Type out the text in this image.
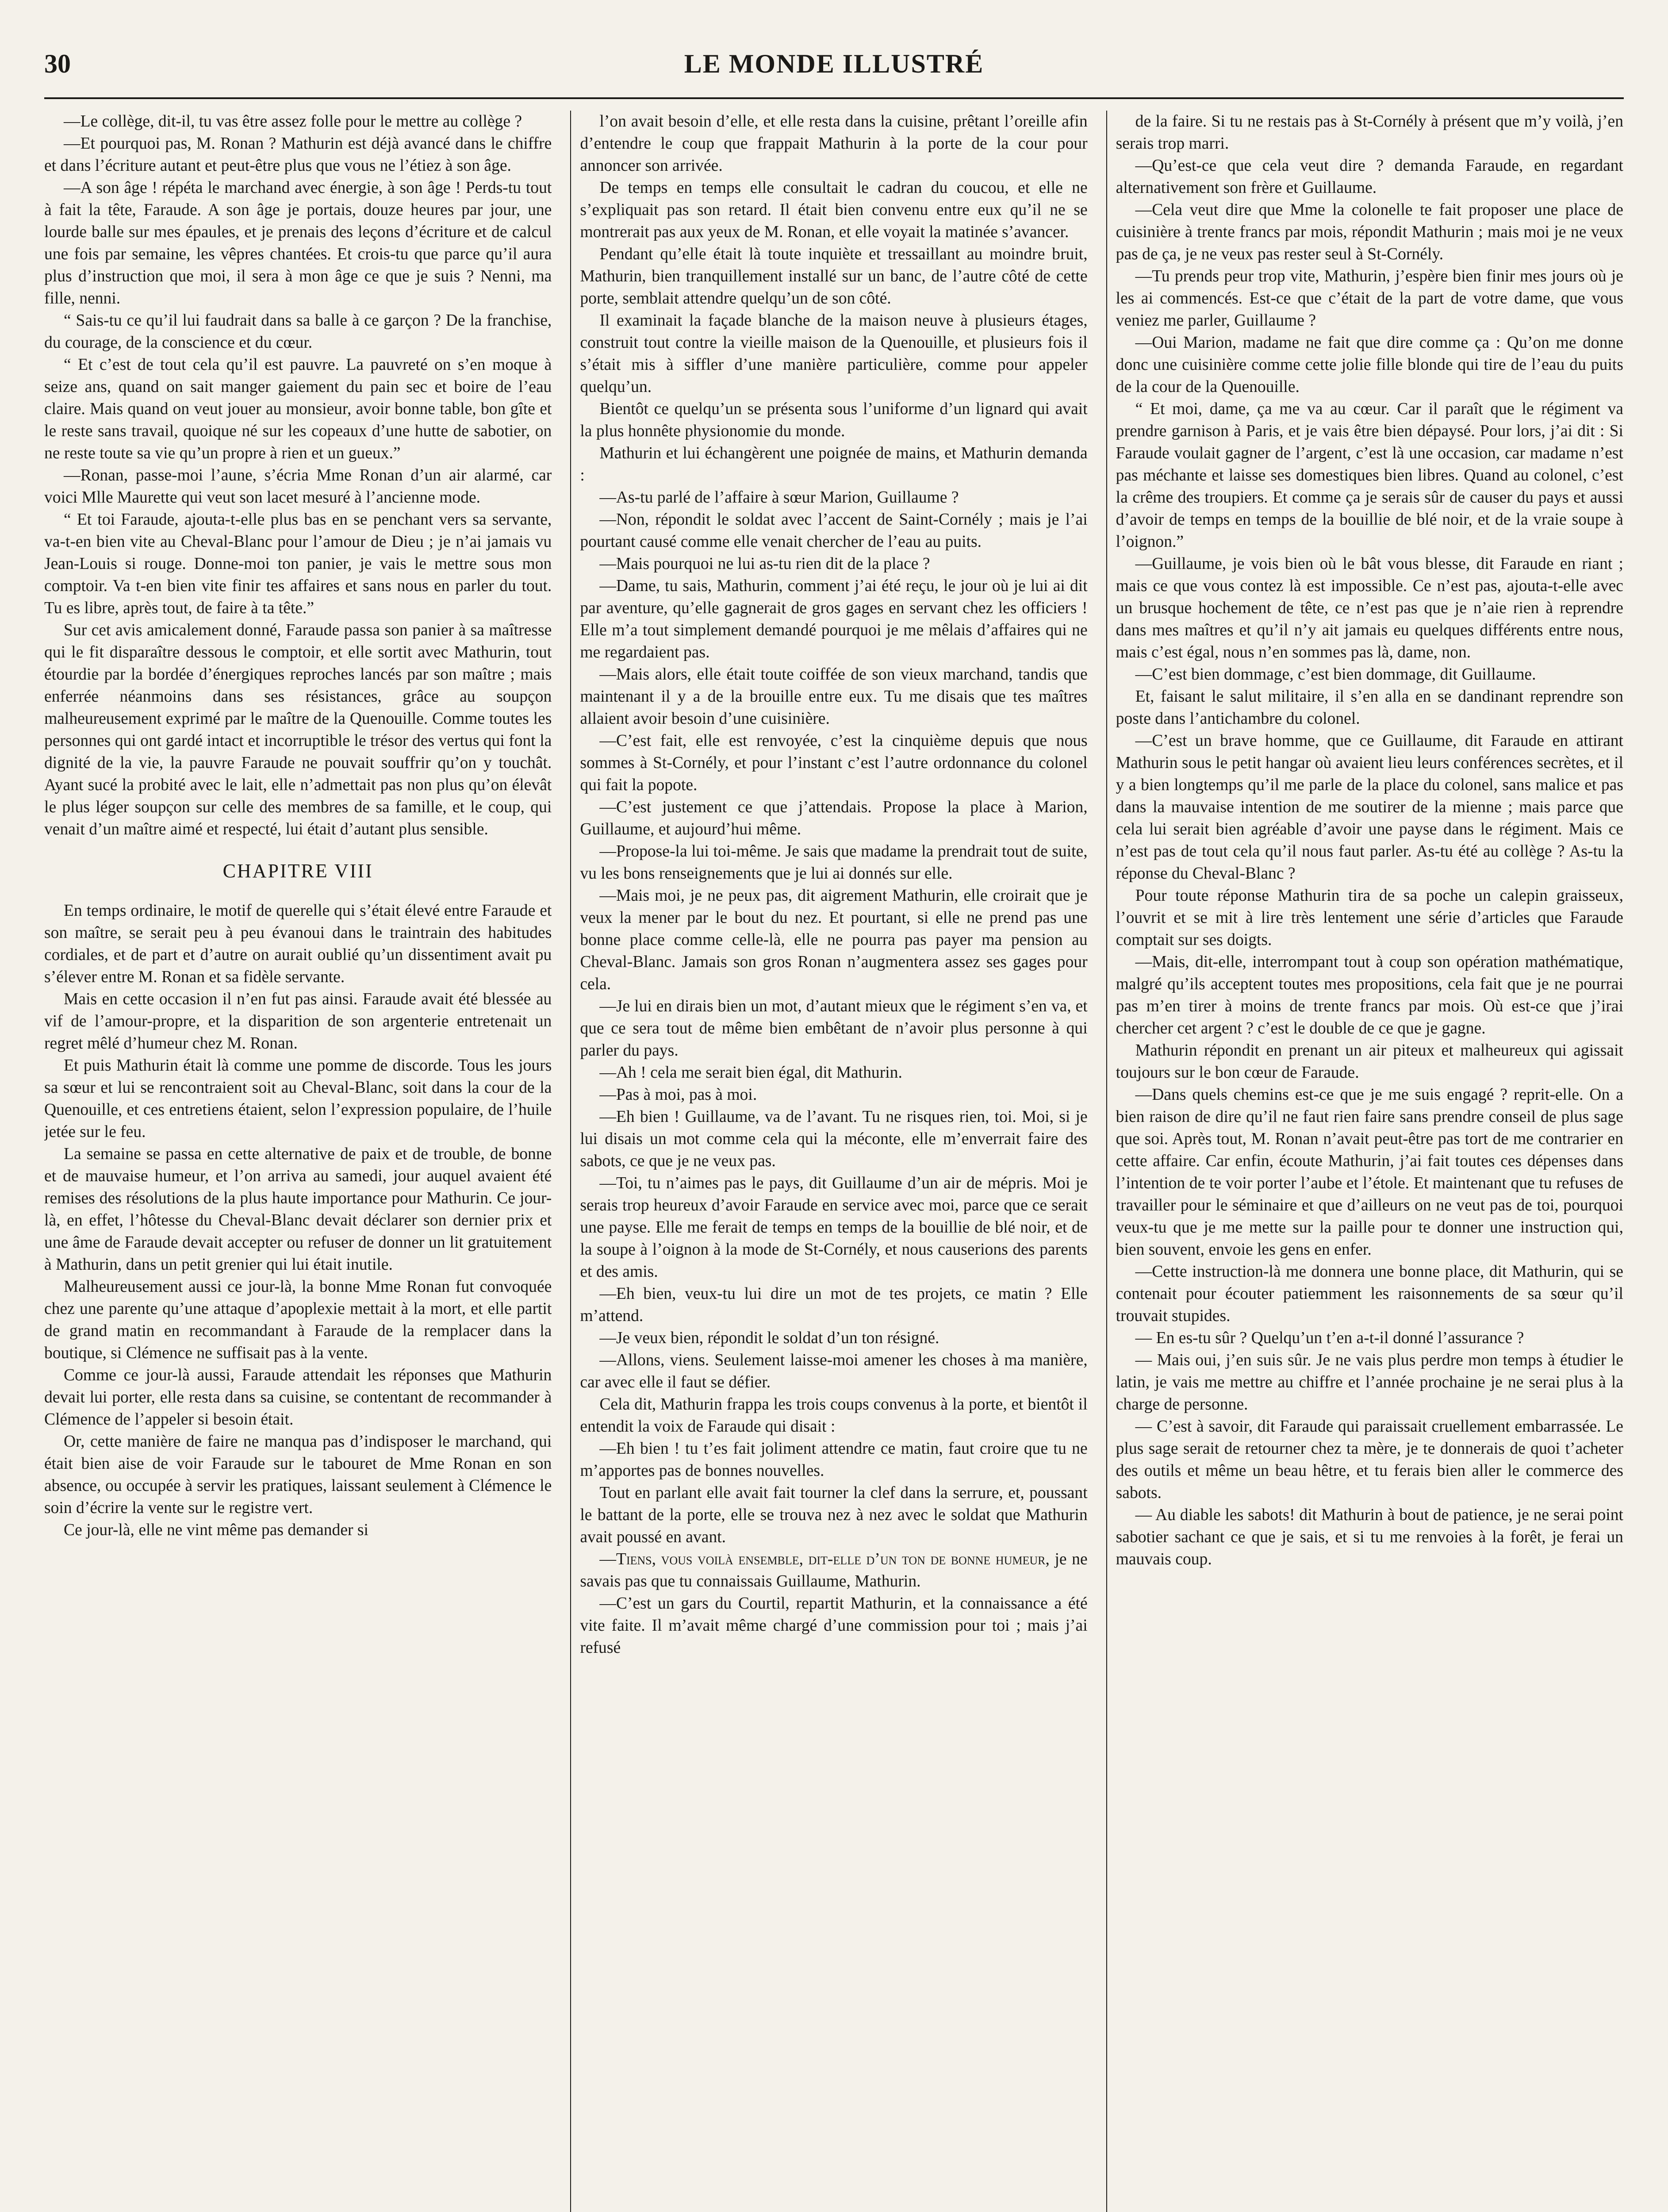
30	LE MONDE ILLUSTRÉ

—Le collège, dit-il, tu vas être assez folle pour le mettre au collège ?

—Et pourquoi pas, M. Ronan ? Mathurin est déjà avancé dans le chiffre et dans l’écriture autant et peut-être plus que vous ne l’étiez à son âge.

—A son âge ! répéta le marchand avec énergie, à son âge ! Perds-tu tout à fait la tête, Faraude. A son âge je portais, douze heures par jour, une lourde balle sur mes épaules, et je prenais des leçons d’écriture et de calcul une fois par semaine, les vêpres chantées. Et crois-tu que parce qu’il aura plus d’instruction que moi, il sera à mon âge ce que je suis ? Nenni, ma fille, nenni.

“ Sais-tu ce qu’il lui faudrait dans sa balle à ce garçon ? De la franchise, du courage, de la conscience et du cœur.

“ Et c’est de tout cela qu’il est pauvre. La pauvreté on s’en moque à seize ans, quand on sait manger gaiement du pain sec et boire de l’eau claire. Mais quand on veut jouer au monsieur, avoir bonne table, bon gîte et le reste sans travail, quoique né sur les copeaux d’une hutte de sabotier, on ne reste toute sa vie qu’un propre à rien et un gueux.”

—Ronan, passe-moi l’aune, s’écria Mme Ronan d’un air alarmé, car voici Mlle Maurette qui veut son lacet mesuré à l’ancienne mode.

“ Et toi Faraude, ajouta-t-elle plus bas en se penchant vers sa servante, va-t-en bien vite au Cheval-Blanc pour l’amour de Dieu ; je n’ai jamais vu Jean-Louis si rouge. Donne-moi ton panier, je vais le mettre sous mon comptoir. Va t-en bien vite finir tes affaires et sans nous en parler du tout. Tu es libre, après tout, de faire à ta tête.”

Sur cet avis amicalement donné, Faraude passa son panier à sa maîtresse qui le fit disparaître dessous le comptoir, et elle sortit avec Mathurin, tout étourdie par la bordée d’énergiques reproches lancés par son maître ; mais enferrée néanmoins dans ses résistances, grâce au soupçon malheureusement exprimé par le maître de la Quenouille. Comme toutes les personnes qui ont gardé intact et incorruptible le trésor des vertus qui font la dignité de la vie, la pauvre Faraude ne pouvait souffrir qu’on y touchât. Ayant sucé la probité avec le lait, elle n’admettait pas non plus qu’on élevât le plus léger soupçon sur celle des membres de sa famille, et le coup, qui venait d’un maître aimé et respecté, lui était d’autant plus sensible.

CHAPITRE VIII

En temps ordinaire, le motif de querelle qui s’était élevé entre Faraude et son maître, se serait peu à peu évanoui dans le traintrain des habitudes cordiales, et de part et d’autre on aurait oublié qu’un dissentiment avait pu s’élever entre M. Ronan et sa fidèle servante.

Mais en cette occasion il n’en fut pas ainsi. Faraude avait été blessée au vif de l’amour-propre, et la disparition de son argenterie entretenait un regret mêlé d’humeur chez M. Ronan.

Et puis Mathurin était là comme une pomme de discorde. Tous les jours sa sœur et lui se rencontraient soit au Cheval-Blanc, soit dans la cour de la Quenouille, et ces entretiens étaient, selon l’expression populaire, de l’huile jetée sur le feu.

La semaine se passa en cette alternative de paix et de trouble, de bonne et de mauvaise humeur, et l’on arriva au samedi, jour auquel avaient été remises des résolutions de la plus haute importance pour Mathurin. Ce jour-là, en effet, l’hôtesse du Cheval-Blanc devait déclarer son dernier prix et une âme de Faraude devait accepter ou refuser de donner un lit gratuitement à Mathurin, dans un petit grenier qui lui était inutile.

Malheureusement aussi ce jour-là, la bonne Mme Ronan fut convoquée chez une parente qu’une attaque d’apoplexie mettait à la mort, et elle partit de grand matin en recommandant à Faraude de la remplacer dans la boutique, si Clémence ne suffisait pas à la vente.

Comme ce jour-là aussi, Faraude attendait les réponses que Mathurin devait lui porter, elle resta dans sa cuisine, se contentant de recommander à Clémence de l’appeler si besoin était.

Or, cette manière de faire ne manqua pas d’indisposer le marchand, qui était bien aise de voir Faraude sur le tabouret de Mme Ronan en son absence, ou occupée à servir les pratiques, laissant seulement à Clémence le soin d’écrire la vente sur le registre vert.

Ce jour-là, elle ne vint même pas demander si

l’on avait besoin d’elle, et elle resta dans la cuisine, prêtant l’oreille afin d’entendre le coup que frappait Mathurin à la porte de la cour pour annoncer son arrivée.

De temps en temps elle consultait le cadran du coucou, et elle ne s’expliquait pas son retard. Il était bien convenu entre eux qu’il ne se montrerait pas aux yeux de M. Ronan, et elle voyait la matinée s’avancer.

Pendant qu’elle était là toute inquiète et tressaillant au moindre bruit, Mathurin, bien tranquillement installé sur un banc, de l’autre côté de cette porte, semblait attendre quelqu’un de son côté.

Il examinait la façade blanche de la maison neuve à plusieurs étages, construit tout contre la vieille maison de la Quenouille, et plusieurs fois il s’était mis à siffler d’une manière particulière, comme pour appeler quelqu’un.

Bientôt ce quelqu’un se présenta sous l’uniforme d’un lignard qui avait la plus honnête physionomie du monde.

Mathurin et lui échangèrent une poignée de mains, et Mathurin demanda :

—As-tu parlé de l’affaire à sœur Marion, Guillaume ?

—Non, répondit le soldat avec l’accent de Saint-Cornély ; mais je l’ai pourtant causé comme elle venait chercher de l’eau au puits.

—Mais pourquoi ne lui as-tu rien dit de la place ?

—Dame, tu sais, Mathurin, comment j’ai été reçu, le jour où je lui ai dit par aventure, qu’elle gagnerait de gros gages en servant chez les officiers ! Elle m’a tout simplement demandé pourquoi je me mêlais d’affaires qui ne me regardaient pas.

—Mais alors, elle était toute coiffée de son vieux marchand, tandis que maintenant il y a de la brouille entre eux. Tu me disais que tes maîtres allaient avoir besoin d’une cuisinière.

—C’est fait, elle est renvoyée, c’est la cinquième depuis que nous sommes à St-Cornély, et pour l’instant c’est l’autre ordonnance du colonel qui fait la popote.

—C’est justement ce que j’attendais. Propose la place à Marion, Guillaume, et aujourd’hui même.

—Propose-la lui toi-même. Je sais que madame la prendrait tout de suite, vu les bons renseignements que je lui ai donnés sur elle.

—Mais moi, je ne peux pas, dit aigrement Mathurin, elle croirait que je veux la mener par le bout du nez. Et pourtant, si elle ne prend pas une bonne place comme celle-là, elle ne pourra pas payer ma pension au Cheval-Blanc. Jamais son gros Ronan n’augmentera assez ses gages pour cela.

—Je lui en dirais bien un mot, d’autant mieux que le régiment s’en va, et que ce sera tout de même bien embêtant de n’avoir plus personne à qui parler du pays.

—Ah ! cela me serait bien égal, dit Mathurin.

—Pas à moi, pas à moi.

—Eh bien ! Guillaume, va de l’avant. Tu ne risques rien, toi. Moi, si je lui disais un mot comme cela qui la méconte, elle m’enverrait faire des sabots, ce que je ne veux pas.

—Toi, tu n’aimes pas le pays, dit Guillaume d’un air de mépris. Moi je serais trop heureux d’avoir Faraude en service avec moi, parce que ce serait une payse. Elle me ferait de temps en temps de la bouillie de blé noir, et de la soupe à l’oignon à la mode de St-Cornély, et nous causerions des parents et des amis.

—Eh bien, veux-tu lui dire un mot de tes projets, ce matin ? Elle m’attend.

—Je veux bien, répondit le soldat d’un ton résigné.

—Allons, viens. Seulement laisse-moi amener les choses à ma manière, car avec elle il faut se défier.

Cela dit, Mathurin frappa les trois coups convenus à la porte, et bientôt il entendit la voix de Faraude qui disait :

—Eh bien ! tu t’es fait joliment attendre ce matin, faut croire que tu ne m’apportes pas de bonnes nouvelles.

Tout en parlant elle avait fait tourner la clef dans la serrure, et, poussant le battant de la porte, elle se trouva nez à nez avec le soldat que Mathurin avait poussé en avant.

—Tiens, vous voilà ensemble, dit-elle d’un ton de bonne humeur, je ne savais pas que tu connaissais Guillaume, Mathurin.

—C’est un gars du Courtil, repartit Mathurin, et la connaissance a été vite faite. Il m’avait même chargé d’une commission pour toi ; mais j’ai refusé

de la faire. Si tu ne restais pas à St-Cornély à présent que m’y voilà, j’en serais trop marri.

—Qu’est-ce que cela veut dire ? demanda Faraude, en regardant alternativement son frère et Guillaume.

—Cela veut dire que Mme la colonelle te fait proposer une place de cuisinière à trente francs par mois, répondit Mathurin ; mais moi je ne veux pas de ça, je ne veux pas rester seul à St-Cornély.

—Tu prends peur trop vite, Mathurin, j’espère bien finir mes jours où je les ai commencés. Est-ce que c’était de la part de votre dame, que vous veniez me parler, Guillaume ?

—Oui Marion, madame ne fait que dire comme ça : Qu’on me donne donc une cuisinière comme cette jolie fille blonde qui tire de l’eau du puits de la cour de la Quenouille.

“ Et moi, dame, ça me va au cœur. Car il paraît que le régiment va prendre garnison à Paris, et je vais être bien dépaysé. Pour lors, j’ai dit : Si Faraude voulait gagner de l’argent, c’est là une occasion, car madame n’est pas méchante et laisse ses domestiques bien libres. Quand au colonel, c’est la crême des troupiers. Et comme ça je serais sûr de causer du pays et aussi d’avoir de temps en temps de la bouillie de blé noir, et de la vraie soupe à l’oignon.”

—Guillaume, je vois bien où le bât vous blesse, dit Faraude en riant ; mais ce que vous contez là est impossible. Ce n’est pas, ajouta-t-elle avec un brusque hochement de tête, ce n’est pas que je n’aie rien à reprendre dans mes maîtres et qu’il n’y ait jamais eu quelques différents entre nous, mais c’est égal, nous n’en sommes pas là, dame, non.

—C’est bien dommage, c’est bien dommage, dit Guillaume.

Et, faisant le salut militaire, il s’en alla en se dandinant reprendre son poste dans l’antichambre du colonel.

—C’est un brave homme, que ce Guillaume, dit Faraude en attirant Mathurin sous le petit hangar où avaient lieu leurs conférences secrètes, et il y a bien longtemps qu’il me parle de la place du colonel, sans malice et pas dans la mauvaise intention de me soutirer de la mienne ; mais parce que cela lui serait bien agréable d’avoir une payse dans le régiment. Mais ce n’est pas de tout cela qu’il nous faut parler. As-tu été au collège ? As-tu la réponse du Cheval-Blanc ?

Pour toute réponse Mathurin tira de sa poche un calepin graisseux, l’ouvrit et se mit à lire très lentement une série d’articles que Faraude comptait sur ses doigts.

—Mais, dit-elle, interrompant tout à coup son opération mathématique, malgré qu’ils acceptent toutes mes propositions, cela fait que je ne pourrai pas m’en tirer à moins de trente francs par mois. Où est-ce que j’irai chercher cet argent ? c’est le double de ce que je gagne.

Mathurin répondit en prenant un air piteux et malheureux qui agissait toujours sur le bon cœur de Faraude.

—Dans quels chemins est-ce que je me suis engagé ? reprit-elle. On a bien raison de dire qu’il ne faut rien faire sans prendre conseil de plus sage que soi. Après tout, M. Ronan n’avait peut-être pas tort de me contrarier en cette affaire. Car enfin, écoute Mathurin, j’ai fait toutes ces dépenses dans l’intention de te voir porter l’aube et l’étole. Et maintenant que tu refuses de travailler pour le séminaire et que d’ailleurs on ne veut pas de toi, pourquoi veux-tu que je me mette sur la paille pour te donner une instruction qui, bien souvent, envoie les gens en enfer.

—Cette instruction-là me donnera une bonne place, dit Mathurin, qui se contenait pour écouter patiemment les raisonnements de sa sœur qu’il trouvait stupides.

— En es-tu sûr ? Quelqu’un t’en a-t-il donné l’assurance ?

— Mais oui, j’en suis sûr. Je ne vais plus perdre mon temps à étudier le latin, je vais me mettre au chiffre et l’année prochaine je ne serai plus à la charge de personne.

— C’est à savoir, dit Faraude qui paraissait cruellement embarrassée. Le plus sage serait de retourner chez ta mère, je te donnerais de quoi t’acheter des outils et même un beau hêtre, et tu ferais bien aller le commerce des sabots.

— Au diable les sabots! dit Mathurin à bout de patience, je ne serai point sabotier sachant ce que je sais, et si tu me renvoies à la forêt, je ferai un mauvais coup.
